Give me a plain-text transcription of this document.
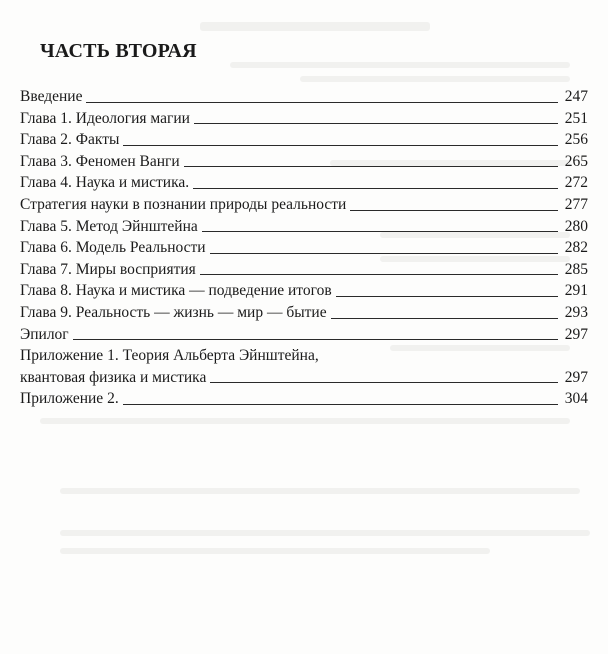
ЧАСТЬ ВТОРАЯ
Введение	247
Глава 1. Идеология магии	251
Глава 2. Факты	256
Глава 3. Феномен Ванги	265
Глава 4. Наука и мистика.	272
Стратегия науки в познании природы реальности	277
Глава 5. Метод Эйнштейна	280
Глава 6. Модель Реальности	282
Глава 7. Миры восприятия	285
Глава 8. Наука и мистика — подведение итогов	291
Глава 9. Реальность — жизнь — мир — бытие	293
Эпилог	297
Приложение 1. Теория Альберта Эйнштейна,
квантовая физика и мистика	297
Приложение 2.	304
